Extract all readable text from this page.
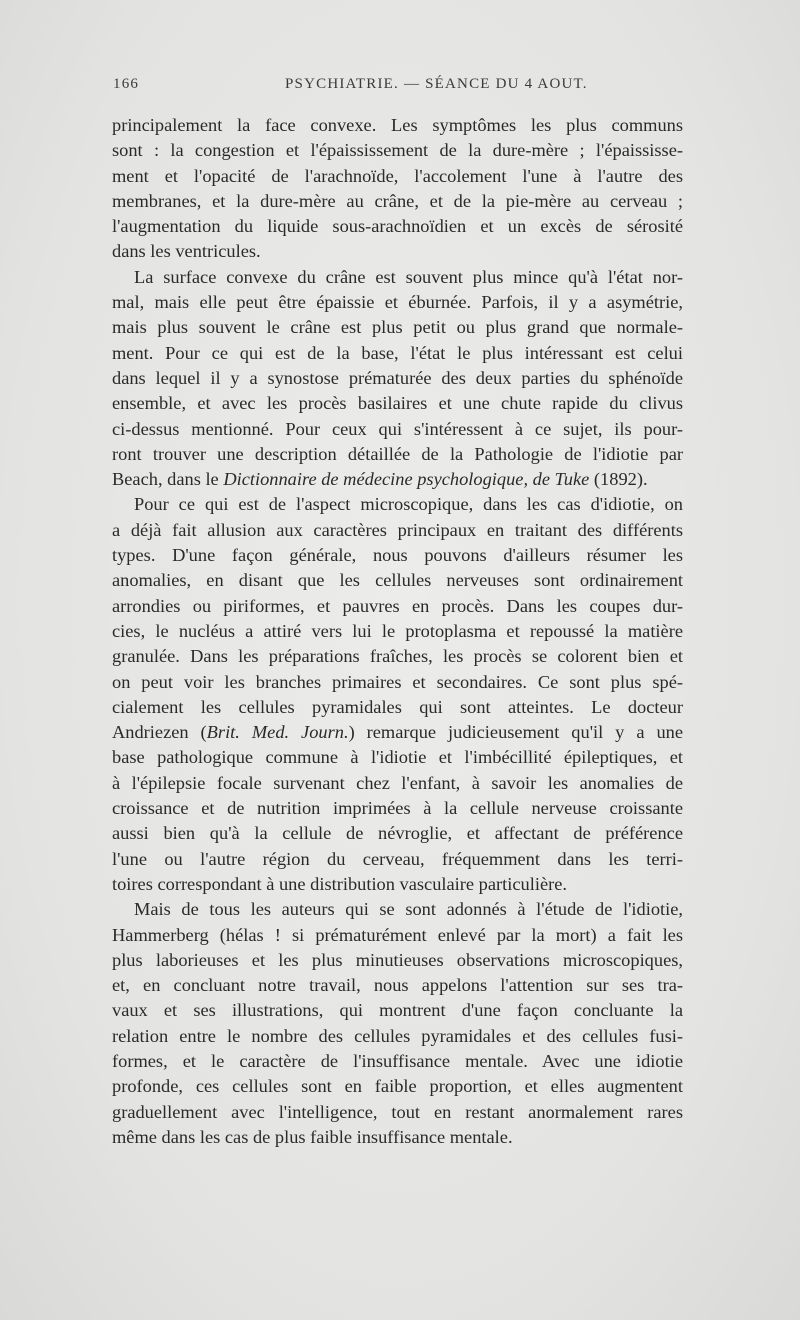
166	PSYCHIATRIE. — SÉANCE DU 4 AOUT.
principalement la face convexe. Les symptômes les plus communs
sont : la congestion et l'épaississement de la dure-mère ; l'épaississe-
ment et l'opacité de l'arachnoïde, l'accolement l'une à l'autre des
membranes, et la dure-mère au crâne, et de la pie-mère au cerveau ;
l'augmentation du liquide sous-arachnoïdien et un excès de sérosité
dans les ventricules.
La surface convexe du crâne est souvent plus mince qu'à l'état nor-
mal, mais elle peut être épaissie et éburnée. Parfois, il y a asymétrie,
mais plus souvent le crâne est plus petit ou plus grand que normale-
ment. Pour ce qui est de la base, l'état le plus intéressant est celui
dans lequel il y a synostose prématurée des deux parties du sphénoïde
ensemble, et avec les procès basilaires et une chute rapide du clivus
ci-dessus mentionné. Pour ceux qui s'intéressent à ce sujet, ils pour-
ront trouver une description détaillée de la Pathologie de l'idiotie par
Beach, dans le Dictionnaire de médecine psychologique, de Tuke (1892).
Pour ce qui est de l'aspect microscopique, dans les cas d'idiotie, on
a déjà fait allusion aux caractères principaux en traitant des différents
types. D'une façon générale, nous pouvons d'ailleurs résumer les
anomalies, en disant que les cellules nerveuses sont ordinairement
arrondies ou piriformes, et pauvres en procès. Dans les coupes dur-
cies, le nucléus a attiré vers lui le protoplasma et repoussé la matière
granulée. Dans les préparations fraîches, les procès se colorent bien et
on peut voir les branches primaires et secondaires. Ce sont plus spé-
cialement les cellules pyramidales qui sont atteintes. Le docteur
Andriezen (Brit. Med. Journ.) remarque judicieusement qu'il y a une
base pathologique commune à l'idiotie et l'imbécillité épileptiques, et
à l'épilepsie focale survenant chez l'enfant, à savoir les anomalies de
croissance et de nutrition imprimées à la cellule nerveuse croissante
aussi bien qu'à la cellule de névroglie, et affectant de préférence
l'une ou l'autre région du cerveau, fréquemment dans les terri-
toires correspondant à une distribution vasculaire particulière.
Mais de tous les auteurs qui se sont adonnés à l'étude de l'idiotie,
Hammerberg (hélas ! si prématurément enlevé par la mort) a fait les
plus laborieuses et les plus minutieuses observations microscopiques,
et, en concluant notre travail, nous appelons l'attention sur ses tra-
vaux et ses illustrations, qui montrent d'une façon concluante la
relation entre le nombre des cellules pyramidales et des cellules fusi-
formes, et le caractère de l'insuffisance mentale. Avec une idiotie
profonde, ces cellules sont en faible proportion, et elles augmentent
graduellement avec l'intelligence, tout en restant anormalement rares
même dans les cas de plus faible insuffisance mentale.
